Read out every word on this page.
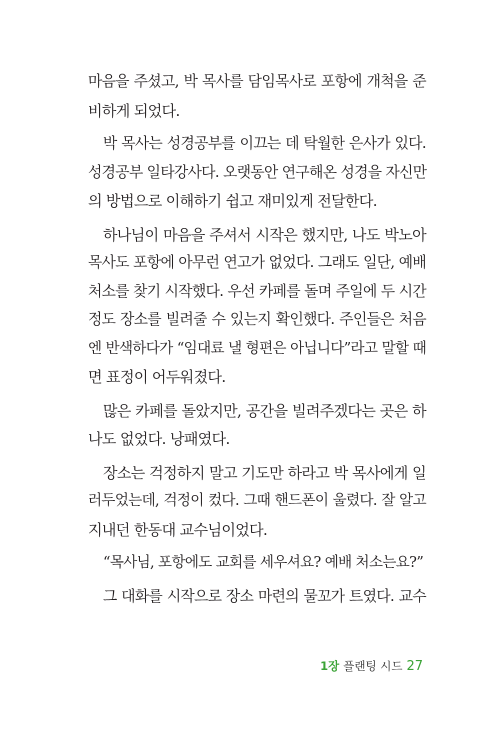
마음을 주셨고, 박 목사를 담임목사로 포항에 개척을 준
비하게 되었다.
박 목사는 성경공부를 이끄는 데 탁월한 은사가 있다.
성경공부 일타강사다. 오랫동안 연구해온 성경을 자신만
의 방법으로 이해하기 쉽고 재미있게 전달한다.
하나님이 마음을 주셔서 시작은 했지만, 나도 박노아
목사도 포항에 아무런 연고가 없었다. 그래도 일단, 예배
처소를 찾기 시작했다. 우선 카페를 돌며 주일에 두 시간
정도 장소를 빌려줄 수 있는지 확인했다. 주인들은 처음
엔 반색하다가 “임대료 낼 형편은 아닙니다”라고 말할 때
면 표정이 어두워졌다.
많은 카페를 돌았지만, 공간을 빌려주겠다는 곳은 하
나도 없었다. 낭패였다.
장소는 걱정하지 말고 기도만 하라고 박 목사에게 일
러두었는데, 걱정이 컸다. 그때 핸드폰이 울렸다. 잘 알고
지내던 한동대 교수님이었다.
“목사님, 포항에도 교회를 세우셔요? 예배 처소는요?”
그 대화를 시작으로 장소 마련의 물꼬가 트였다. 교수
1장 플랜팅 시드 27
